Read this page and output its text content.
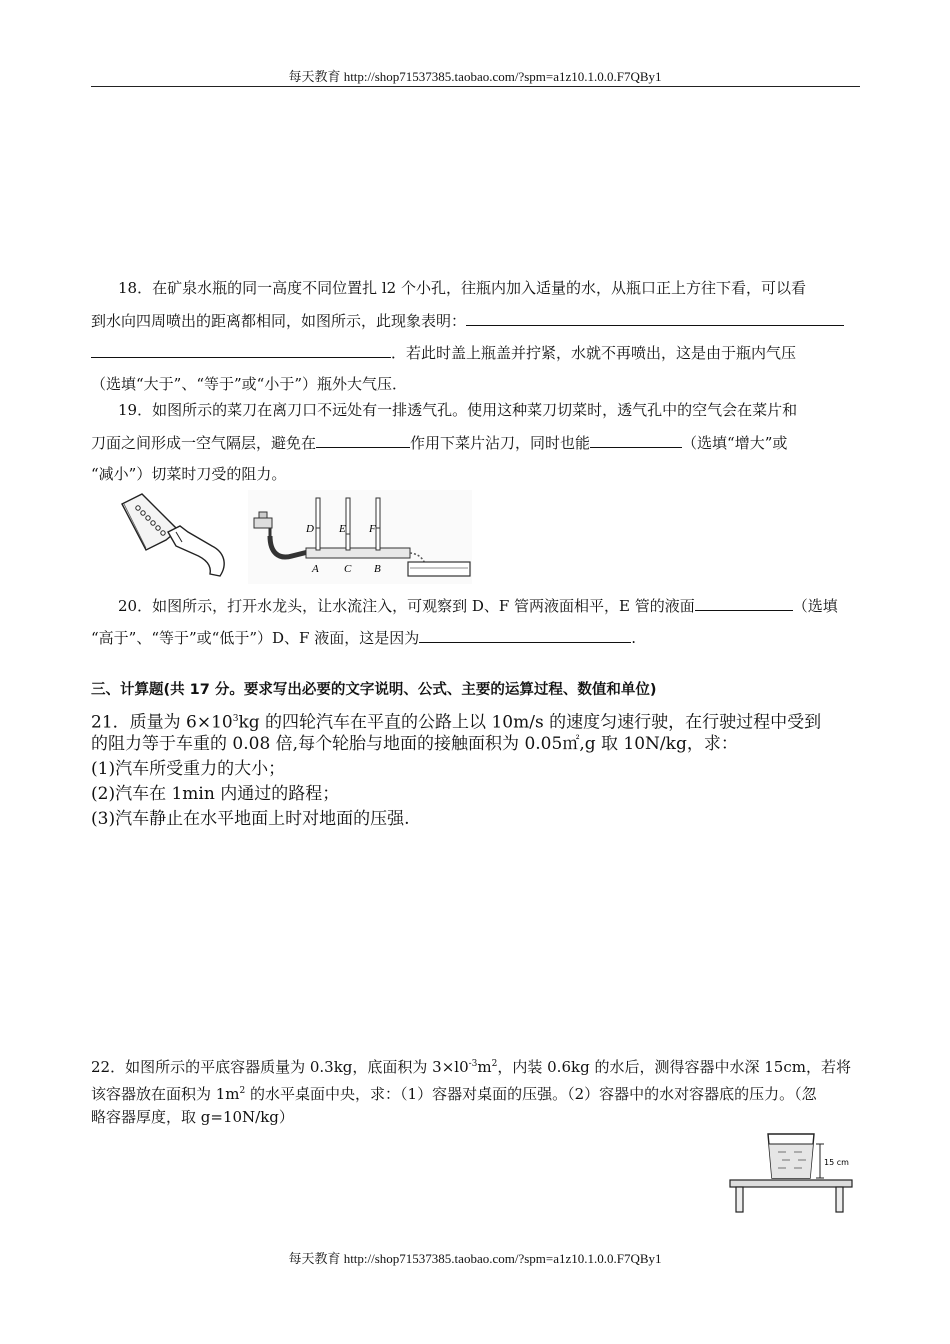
每天教育 http://shop71537385.taobao.com/?spm=a1z10.1.0.0.F7QBy1
18．在矿泉水瓶的同一高度不同位置扎 l2 个小孔，往瓶内加入适量的水，从瓶口正上方往下看，可以看
到水向四周喷出的距离都相同，如图所示，此现象表明：
．若此时盖上瓶盖并拧紧，水就不再喷出，这是由于瓶内气压
（选填“大于”、“等于”或“小于”）瓶外大气压．
19．如图所示的菜刀在离刀口不远处有一排透气孔。使用这种菜刀切菜时，透气孔中的空气会在菜片和
刀面之间形成一空气隔层，避免在	作用下菜片沾刀，同时也能	（选填“增大”或
“减小”）切菜时刀受的阻力。
D E F
A C B
20．如图所示，打开水龙头，让水流注入，可观察到 D、F 管两液面相平，E 管的液面	（选填
“高于”、“等于”或“低于”）D、F 液面，这是因为	.
三、计算题(共 17 分。要求写出必要的文字说明、公式、主要的运算过程、数值和单位)
21．质量为 $6\times 10^3kg$ 的四轮汽车在平直的公路上以 10m/s 的速度匀速行驶，在行驶过程中受到
的阻力等于车重的 0.08 倍,每个轮胎与地面的接触面积为 0.05㎡,g 取 10N/kg，求：
(1)汽车所受重力的大小；
(2)汽车在 1min 内通过的路程；
(3)汽车静止在水平地面上时对地面的压强.
22．如图所示的平底容器质量为 0.3kg，底面积为 $3\times l0^{-3}m^2$，内装 0.6kg 的水后，测得容器中水深 15cm，若将
该容器放在面积为 $1m^2$ 的水平桌面中央，求：（1）容器对桌面的压强。（2）容器中的水对容器底的压力。（忽
略容器厚度，取 g=10N/kg）
15 cm
每天教育 http://shop71537385.taobao.com/?spm=a1z10.1.0.0.F7QBy1
